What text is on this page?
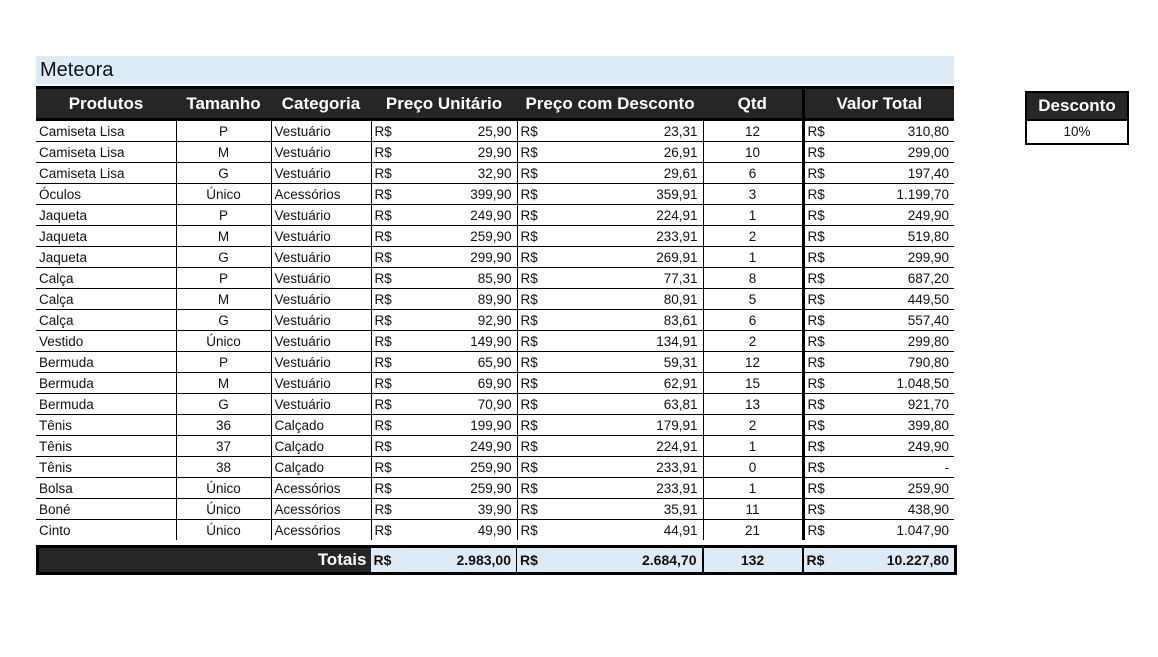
Meteora
Produtos	Tamanho	Categoria	Preço Unitário		Preço com Desconto		Qtd	Valor Total	
Camiseta Lisa	P	Vestuário	R$	25,90	R$	23,31	12	R$	310,80
Camiseta Lisa	M	Vestuário	R$	29,90	R$	26,91	10	R$	299,00
Camiseta Lisa	G	Vestuário	R$	32,90	R$	29,61	6	R$	197,40
Óculos	Único	Acessórios	R$	399,90	R$	359,91	3	R$	1.199,70
Jaqueta	P	Vestuário	R$	249,90	R$	224,91	1	R$	249,90
Jaqueta	M	Vestuário	R$	259,90	R$	233,91	2	R$	519,80
Jaqueta	G	Vestuário	R$	299,90	R$	269,91	1	R$	299,90
Calça	P	Vestuário	R$	85,90	R$	77,31	8	R$	687,20
Calça	M	Vestuário	R$	89,90	R$	80,91	5	R$	449,50
Calça	G	Vestuário	R$	92,90	R$	83,61	6	R$	557,40
Vestido	Único	Vestuário	R$	149,90	R$	134,91	2	R$	299,80
Bermuda	P	Vestuário	R$	65,90	R$	59,31	12	R$	790,80
Bermuda	M	Vestuário	R$	69,90	R$	62,91	15	R$	1.048,50
Bermuda	G	Vestuário	R$	70,90	R$	63,81	13	R$	921,70
Tênis	36	Calçado	R$	199,90	R$	179,91	2	R$	399,80
Tênis	37	Calçado	R$	249,90	R$	224,91	1	R$	249,90
Tênis	38	Calçado	R$	259,90	R$	233,91	0	R$	-
Bolsa	Único	Acessórios	R$	259,90	R$	233,91	1	R$	259,90
Boné	Único	Acessórios	R$	39,90	R$	35,91	11	R$	438,90
Cinto	Único	Acessórios	R$	49,90	R$	44,91	21	R$	1.047,90
Totais	R$	2.983,00	R$	2.684,70	132	R$	10.227,80
Desconto
10%
